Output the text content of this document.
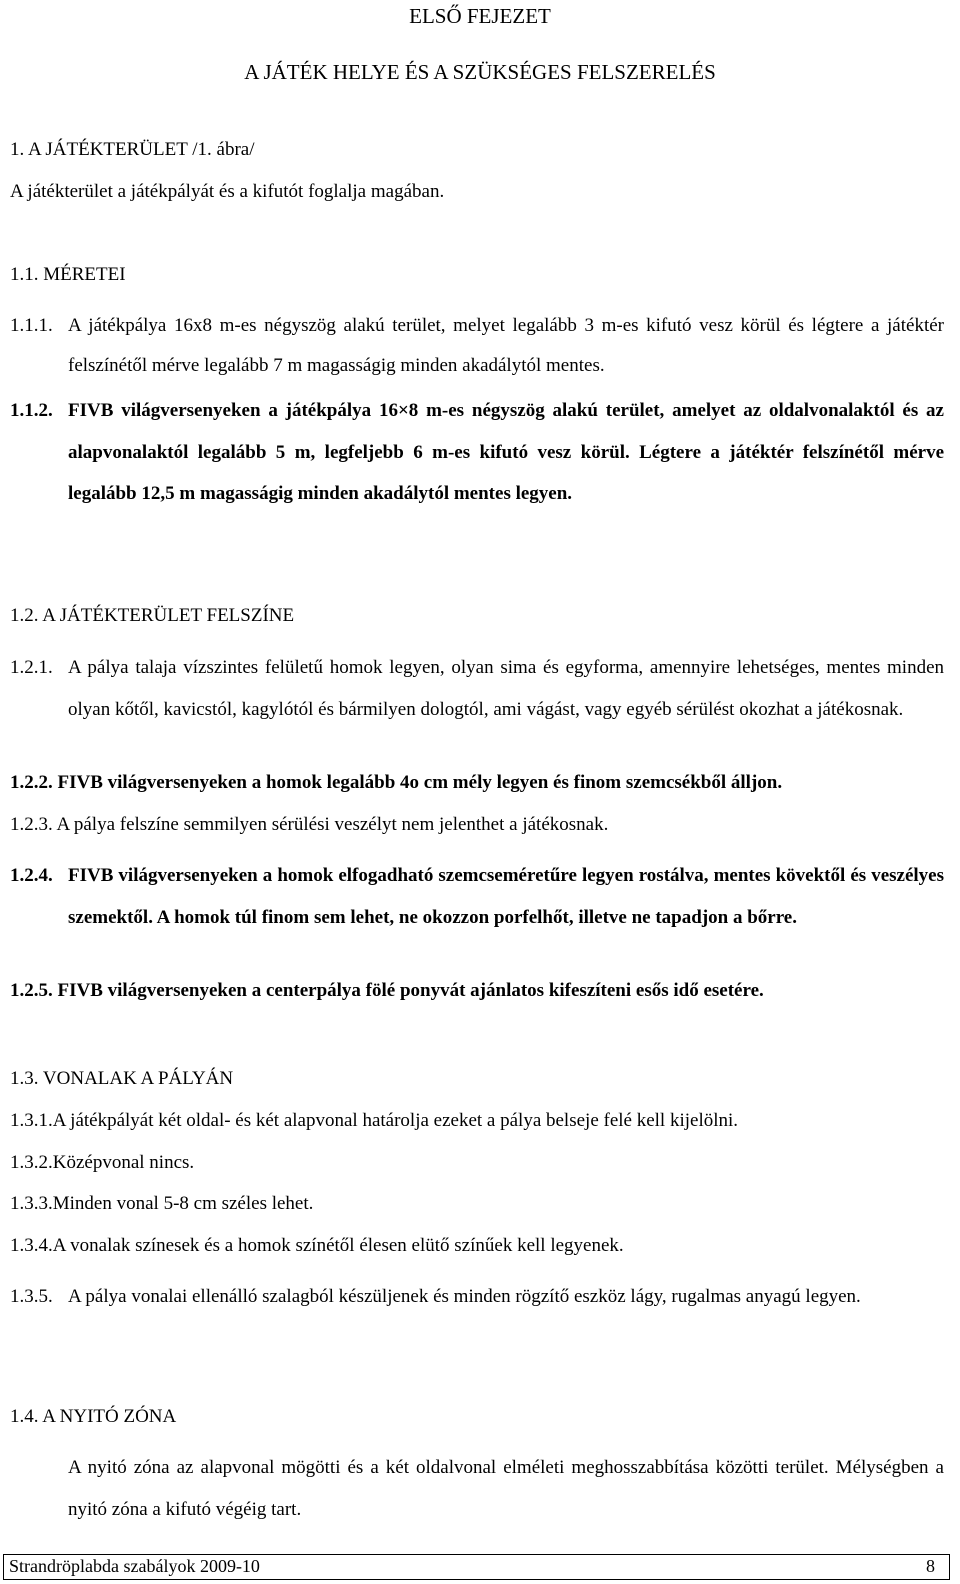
ELSŐ FEJEZET
A JÁTÉK HELYE ÉS A SZÜKSÉGES FELSZERELÉS
1. A JÁTÉKTERÜLET /1. ábra/
A játékterület a játékpályát és a kifutót foglalja magában.
1.1. MÉRETEI
1.1.1. A játékpálya 16x8 m-es négyszög alakú terület, melyet legalább 3 m-es kifutó vesz körül és légtere a játéktér felszínétől mérve legalább 7 m magasságig minden akadálytól mentes.
1.1.2. FIVB világversenyeken a játékpálya 16×8 m-es négyszög alakú terület, amelyet az oldalvonalaktól és az alapvonalaktól legalább 5 m, legfeljebb 6 m-es kifutó vesz körül. Légtere a játéktér felszínétől mérve legalább 12,5 m magasságig minden akadálytól mentes legyen.
1.2. A JÁTÉKTERÜLET FELSZÍNE
1.2.1. A pálya talaja vízszintes felületű homok legyen, olyan sima és egyforma, amennyire lehetséges, mentes minden olyan kőtől, kavicstól, kagylótól és bármilyen dologtól, ami vágást, vagy egyéb sérülést okozhat a játékosnak.
1.2.2. FIVB világversenyeken a homok legalább 4o cm mély legyen és finom szemcsékből álljon.
1.2.3. A pálya felszíne semmilyen sérülési veszélyt nem jelenthet a játékosnak.
1.2.4. FIVB világversenyeken a homok elfogadható szemcseméretűre legyen rostálva, mentes kövektől és veszélyes szemektől. A homok túl finom sem lehet, ne okozzon porfelhőt, illetve ne tapadjon a bőrre.
1.2.5. FIVB világversenyeken a centerpálya fölé ponyvát ajánlatos kifeszíteni esős idő esetére.
1.3. VONALAK A PÁLYÁN
1.3.1.A játékpályát két oldal- és két alapvonal határolja ezeket a pálya belseje felé kell kijelölni.
1.3.2.Középvonal nincs.
1.3.3.Minden vonal 5-8 cm széles lehet.
1.3.4.A vonalak színesek és a homok színétől élesen elütő színűek kell legyenek.
1.3.5. A pálya vonalai ellenálló szalagból készüljenek és minden rögzítő eszköz lágy, rugalmas anyagú legyen.
1.4. A NYITÓ ZÓNA
A nyitó zóna az alapvonal mögötti és a két oldalvonal elméleti meghosszabbítása közötti terület. Mélységben a nyitó zóna a kifutó végéig tart.
Strandröplabda szabályok 2009-10	8
